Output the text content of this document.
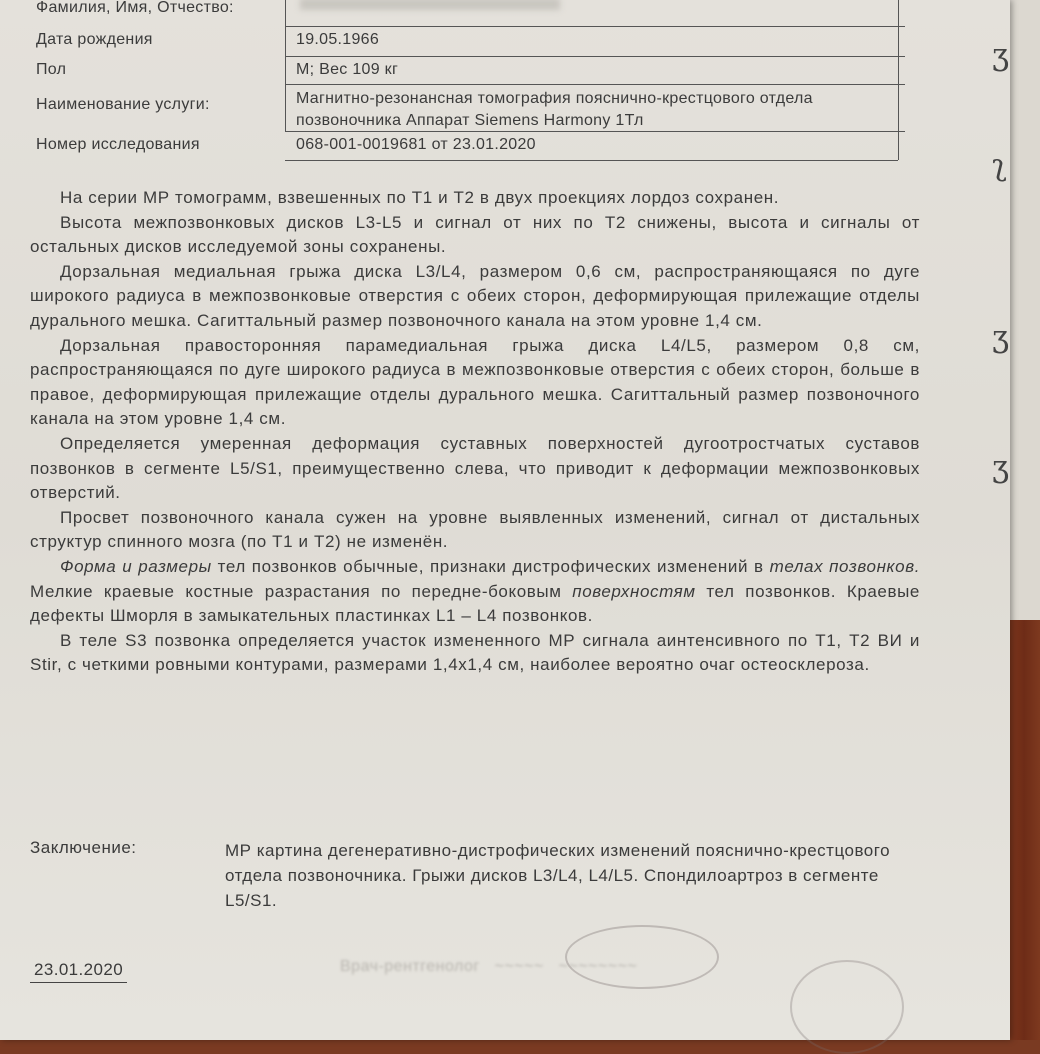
Фамилия, Имя, Отчество:
Дата рождения	19.05.1966
Пол	М; Вес 109 кг
Наименование услуги:	Магнитно-резонансная томография пояснично-крестцового отдела позвоночника Аппарат Siemens Harmony 1Тл
Номер исследования	068-001-0019681 от 23.01.2020

На серии МР томограмм, взвешенных по Т1 и Т2 в двух проекциях лордоз сохранен.

Высота межпозвонковых дисков L3-L5 и сигнал от них по Т2 снижены, высота и сигналы от остальных дисков исследуемой зоны сохранены.

Дорзальная медиальная грыжа диска L3/L4, размером 0,6 см, распространяющаяся по дуге широкого радиуса в межпозвонковые отверстия с обеих сторон, деформирующая прилежащие отделы дурального мешка. Сагиттальный размер позвоночного канала на этом уровне 1,4 см.

Дорзальная правосторонняя парамедиальная грыжа диска L4/L5, размером 0,8 см, распространяющаяся по дуге широкого радиуса в межпозвонковые отверстия с обеих сторон, больше в правое, деформирующая прилежащие отделы дурального мешка. Сагиттальный размер позвоночного канала на этом уровне 1,4 см.

Определяется умеренная деформация суставных поверхностей дугоотростчатых суставов позвонков в сегменте L5/S1, преимущественно слева, что приводит к деформации межпозвонковых отверстий.

Просвет позвоночного канала сужен на уровне выявленных изменений, сигнал от дистальных структур спинного мозга (по Т1 и Т2) не изменён.

Форма и размеры тел позвонков обычные, признаки дистрофических изменений в телах позвонков. Мелкие краевые костные разрастания по передне-боковым поверхностям тел позвонков. Краевые дефекты Шморля в замыкательных пластинках L1 – L4 позвонков.

В теле S3 позвонка определяется участок измененного МР сигнала аинтенсивного по Т1, Т2 ВИ и Stir, с четкими ровными контурами, размерами 1,4х1,4 см, наиболее вероятно очаг остеосклероза.

Заключение:	МР картина дегенеративно-дистрофических изменений пояснично-крестцового отдела позвоночника. Грыжи дисков L3/L4, L4/L5. Спондилоартроз в сегменте L5/S1.
23.01.2020	Врач-рентгенолог   ~~~~~   ~~~~~~~~
ʒ
ʅ
ʒ
ʒ
